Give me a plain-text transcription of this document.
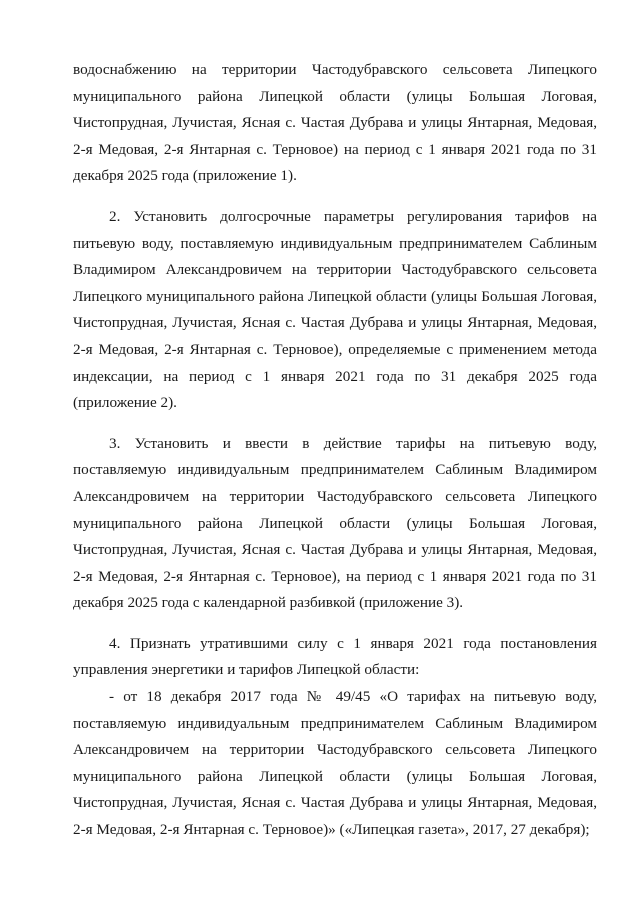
водоснабжению на территории Частодубравского сельсовета Липецкого муниципального района Липецкой области (улицы Большая Логовая, Чистопрудная, Лучистая, Ясная с. Частая Дубрава и улицы Янтарная, Медовая, 2-я Медовая, 2-я Янтарная с. Терновое) на период с 1 января 2021 года по 31 декабря 2025 года (приложение 1).

2. Установить долгосрочные параметры регулирования тарифов на питьевую воду, поставляемую индивидуальным предпринимателем Саблиным Владимиром Александровичем на территории Частодубравского сельсовета Липецкого муниципального района Липецкой области (улицы Большая Логовая, Чистопрудная, Лучистая, Ясная с. Частая Дубрава и улицы Янтарная, Медовая, 2-я Медовая, 2-я Янтарная с. Терновое), определяемые с применением метода индексации, на период с 1 января 2021 года по 31 декабря 2025 года (приложение 2).

3. Установить и ввести в действие тарифы на питьевую воду, поставляемую индивидуальным предпринимателем Саблиным Владимиром Александровичем на территории Частодубравского сельсовета Липецкого муниципального района Липецкой области (улицы Большая Логовая, Чистопрудная, Лучистая, Ясная с. Частая Дубрава и улицы Янтарная, Медовая, 2-я Медовая, 2-я Янтарная с. Терновое), на период с 1 января 2021 года по 31 декабря 2025 года с календарной разбивкой (приложение 3).

4. Признать утратившими силу с 1 января 2021 года постановления управления энергетики и тарифов Липецкой области:

- от 18 декабря 2017 года № 49/45 «О тарифах на питьевую воду, поставляемую индивидуальным предпринимателем Саблиным Владимиром Александровичем на территории Частодубравского сельсовета Липецкого муниципального района Липецкой области (улицы Большая Логовая, Чистопрудная, Лучистая, Ясная с. Частая Дубрава и улицы Янтарная, Медовая, 2-я Медовая, 2-я Янтарная с. Терновое)» («Липецкая газета», 2017, 27 декабря);
